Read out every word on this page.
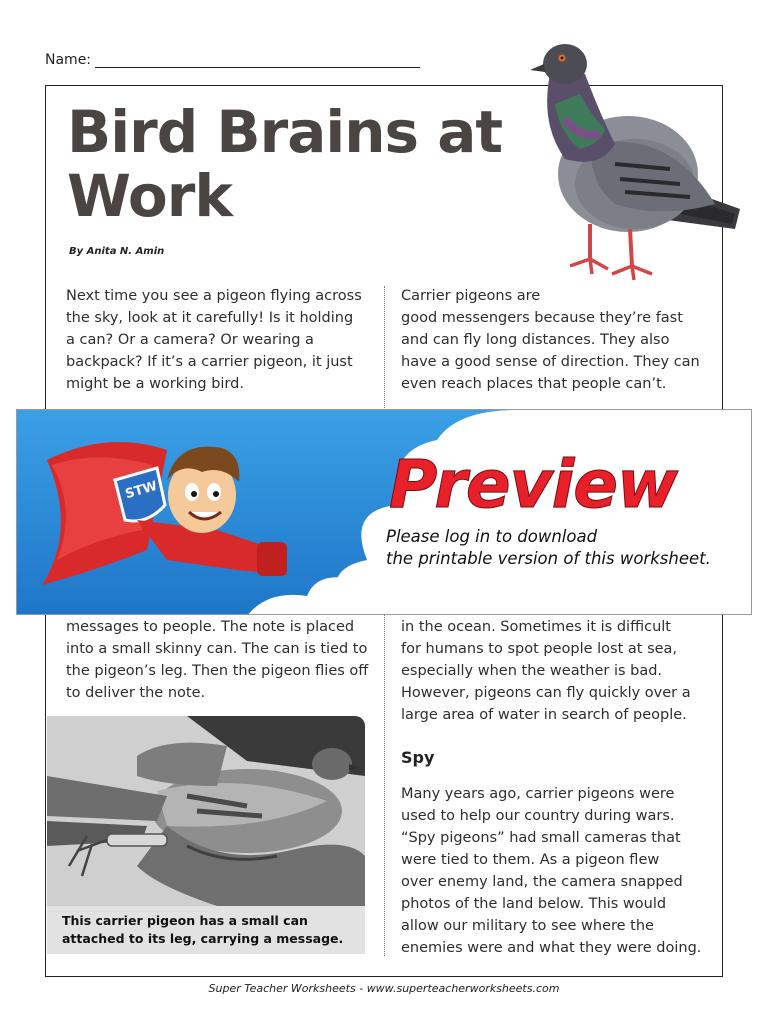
Name:
Bird Brains at
Work
By Anita N. Amin

Next time you see a pigeon flying across

the sky, look at it carefully! Is it holding

a can? Or a camera? Or wearing a

backpack? If it’s a carrier pigeon, it just

might be a working bird.

Carrier pigeons are

good messengers because they’re fast

and can fly long distances. They also

have a good sense of direction. They can

even reach places that people can’t.

messages to people. The note is placed

into a small skinny can. The can is tied to

the pigeon’s leg. Then the pigeon flies off

to deliver the note.

in the ocean. Sometimes it is difficult

for humans to spot people lost at sea,

especially when the weather is bad.

However, pigeons can fly quickly over a

large area of water in search of people.

Spy

Many years ago, carrier pigeons were

used to help our country during wars.

“Spy pigeons” had small cameras that

were tied to them. As a pigeon flew

over enemy land, the camera snapped

photos of the land below. This would

allow our military to see where the

enemies were and what they were doing.

This carrier pigeon has a small can
attached to its leg, carrying a message.
STW	Preview
Please log in to download
the printable version of this worksheet.
Super Teacher Worksheets - www.superteacherworksheets.com
